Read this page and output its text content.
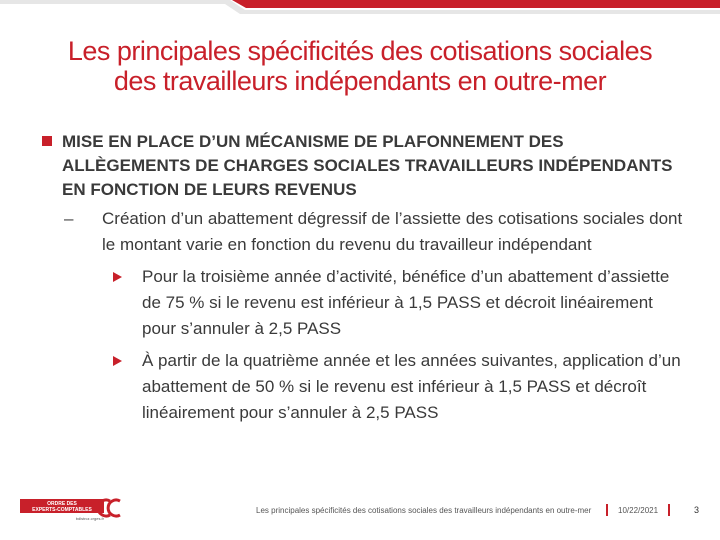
Les principales spécificités des cotisations sociales
des travailleurs indépendants en outre-mer
MISE EN PLACE D’UN MÉCANISME DE PLAFONNEMENT DES ALLÈGEMENTS DE CHARGES SOCIALES TRAVAILLEURS INDÉPENDANTS EN FONCTION DE LEURS REVENUS
– Création d’un abattement dégressif de l’assiette des cotisations sociales dont le montant varie en fonction du revenu du travailleur indépendant
Pour la troisième année d’activité, bénéfice d’un abattement d’assiette de 75 % si le revenu est inférieur à 1,5 PASS et décroit linéairement pour s’annuler à 2,5 PASS
À partir de la quatrième année et les années suivantes, application d’un abattement de 50 % si le revenu est inférieur à 1,5 PASS et décroît linéairement pour s’annuler à 2,5 PASS
ORDRE DES
EXPERTS-COMPTABLES
bdlstrcz.crges.fr
Les principales spécificités des cotisations sociales des travailleurs indépendants en outre-mer	10/22/2021	3
